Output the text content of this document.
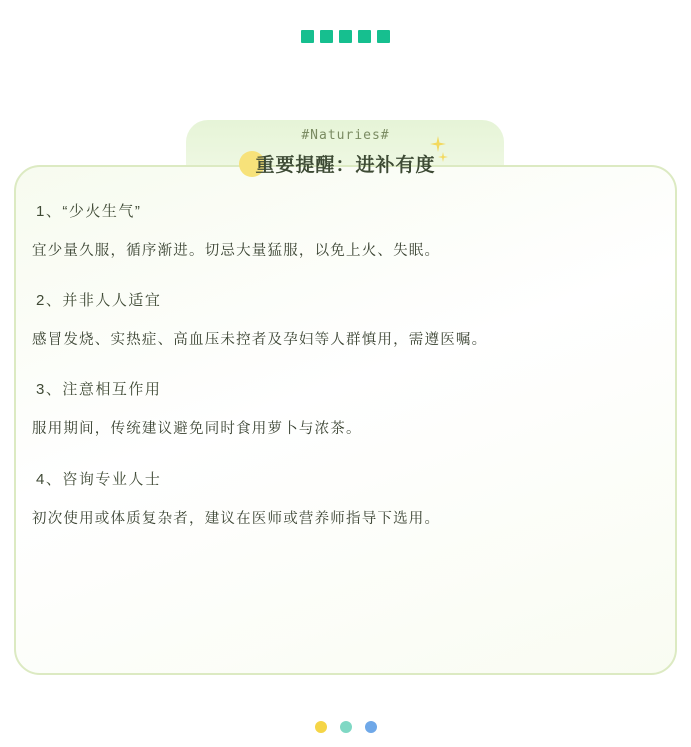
#Naturies#
重要提醒：进补有度
1、“少火生气”
宜少量久服，循序渐进。切忌大量猛服，以免上火、失眠。
2、并非人人适宜
感冒发烧、实热症、高血压未控者及孕妇等人群慎用，需遵医嘱。
3、注意相互作用
服用期间，传统建议避免同时食用萝卜与浓茶。
4、咨询专业人士
初次使用或体质复杂者，建议在医师或营养师指导下选用。
